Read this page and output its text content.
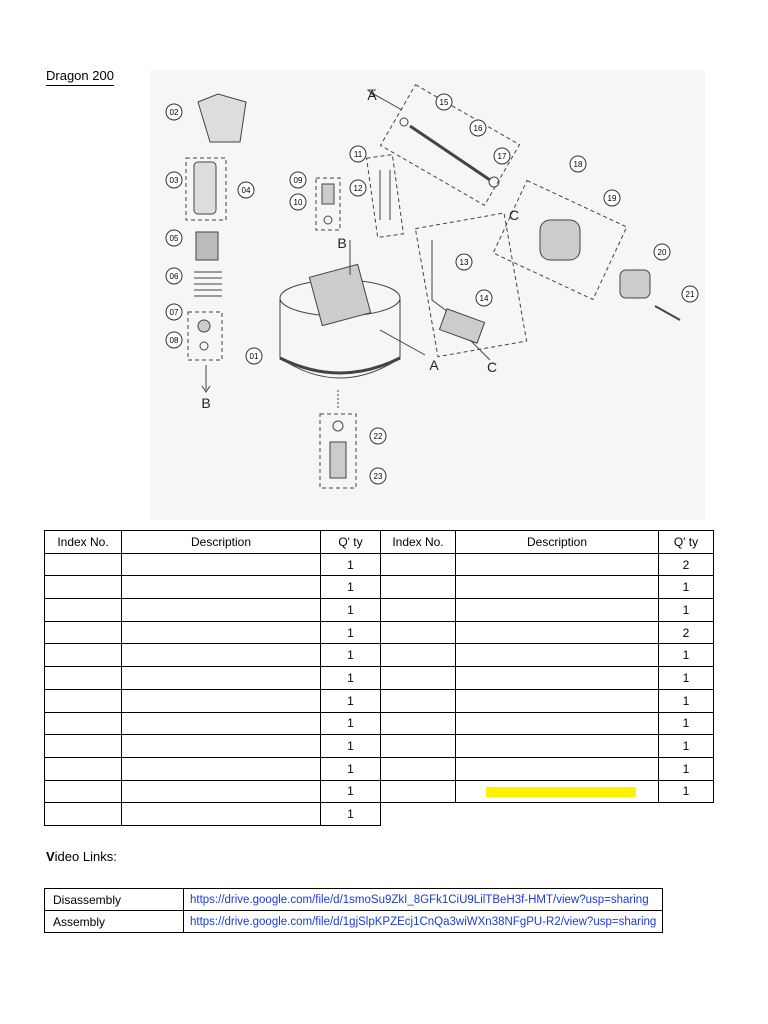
Dragon 200
01
02
03
04
05
06
07
08
09
10
11
12
13
14
15
16
17
18
19
20
21
22
23
A
A
B
B
C
C
Index No.	Description	Q' ty	Index No.	Description	Q' ty
		1			2
		1			1
		1			1
		1			2
		1			1
		1			1
		1			1
		1			1
		1			1
		1			1
		1			1
		1			
Video Links:
Disassembly	https://drive.google.com/file/d/1smoSu9ZkI_8GFk1CiU9LilTBeH3f-HMT/view?usp=sharing
Assembly	https://drive.google.com/file/d/1gjSlpKPZEcj1CnQa3wiWXn38NFgPU-R2/view?usp=sharing
